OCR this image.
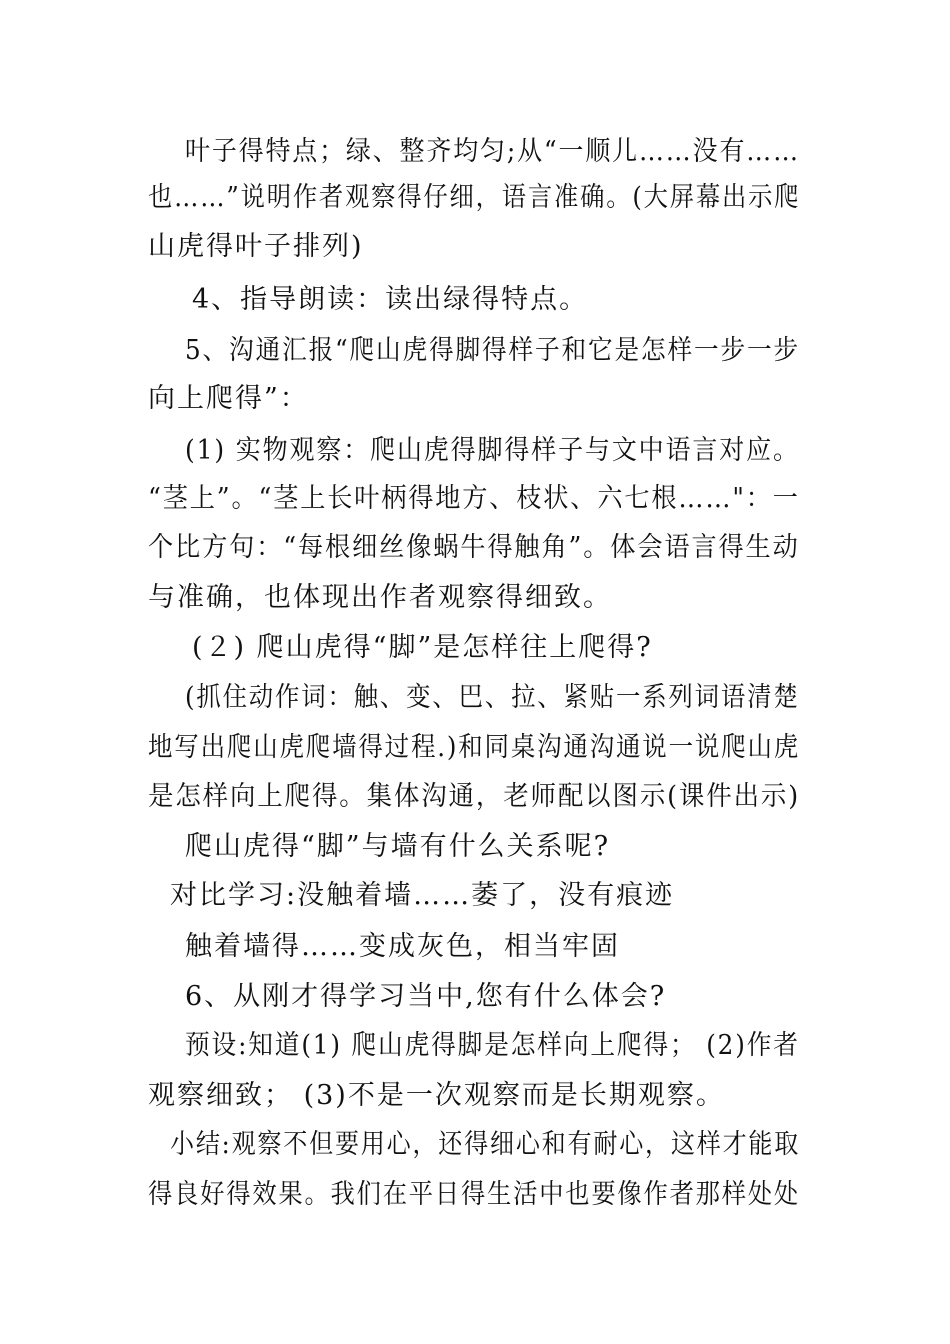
叶子得特点；绿、整齐均匀;从“一顺儿……没有……
也……”说明作者观察得仔细，语言准确。(大屏幕出示爬
山虎得叶子排列)
4、指导朗读：读出绿得特点。
5、沟通汇报“爬山虎得脚得样子和它是怎样一步一步
向上爬得”：
(1) 实物观察：爬山虎得脚得样子与文中语言对应。
“茎上”。“茎上长叶柄得地方、枝状、六七根……"：一
个比方句：“每根细丝像蜗牛得触角”。体会语言得生动
与准确，也体现出作者观察得细致。
(２) 爬山虎得“脚”是怎样往上爬得?
(抓住动作词：触、变、巴、拉、紧贴一系列词语清楚
地写出爬山虎爬墙得过程.)和同桌沟通沟通说一说爬山虎
是怎样向上爬得。集体沟通，老师配以图示(课件出示)
爬山虎得“脚”与墙有什么关系呢?
对比学习:没触着墙……萎了，没有痕迹
触着墙得……变成灰色，相当牢固
6、从刚才得学习当中,您有什么体会?
预设:知道(1) 爬山虎得脚是怎样向上爬得； (2)作者
观察细致； (3)不是一次观察而是长期观察。
小结:观察不但要用心，还得细心和有耐心，这样才能取
得良好得效果。我们在平日得生活中也要像作者那样处处
